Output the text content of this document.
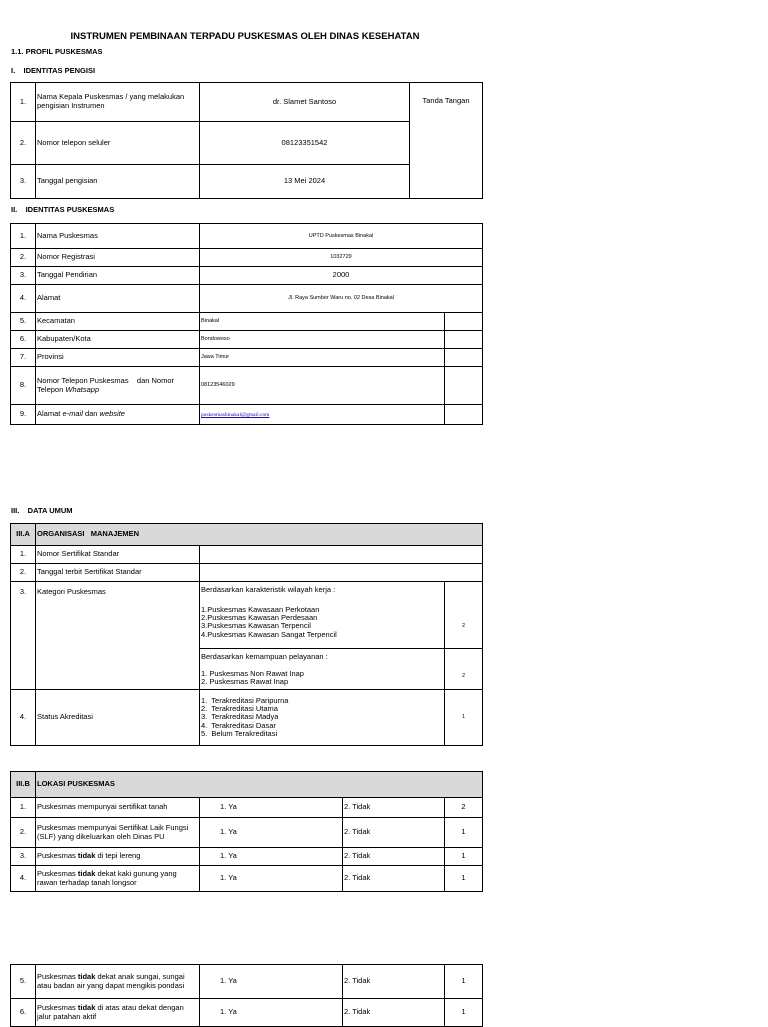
INSTRUMEN PEMBINAAN TERPADU PUSKESMAS OLEH DINAS KESEHATAN
1.1. PROFIL PUSKESMAS
I.    IDENTITAS PENGISI
1.	Nama Kepala Puskesmas / yang melakukan pengisian Instrumen	dr. Slamet Santoso	Tanda Tangan
2.	Nomor telepon seluler	08123351542	
3.	Tanggal pengisian	13 Mei 2024	
II.    IDENTITAS PUSKESMAS
1.	Nama Puskesmas	UPTD Puskesmas Binakal	
2.	Nomor Registrasi	1032729	
3.	Tanggal Pendirian	2000	
4.	Alamat	Jl. Raya Sumber Waru no. 02 Desa Binakal	
5.	Kecamatan	Binakal	
6.	Kabupaten/Kota	Bondowoso	
7.	Provinsi	Jawa Timur	
8.	Nomor Telepon Puskesmas    dan Nomor Telepon Whatsapp	08123546029	
9.	Alamat e-mail dan website	puskesmasbinakal@gmail.com	
III.    DATA UMUM
III.A	ORGANISASI   MANAJEMEN		
1.	Nomor Sertifikat Standar		
2.	Tanggal terbit Sertifikat Standar		
3.	Kategori Puskesmas	Berdasarkan karakteristik wilayah kerja :
1.Puskesmas Kawasaan Perkotaan
2.Puskesmas Kawasan Perdesaan
3.Puskesmas Kawasan Terpencil
4.Puskesmas Kawasan Sangat Terpencil	2

		Berdasarkan kemampuan pelayanan :
1. Puskesmas Non Rawat Inap
2. Puskesmas Rawat Inap	2
4.	Status Akreditasi	1.  Terakreditasi Paripurna
2.  Terakreditasi Utama
3.  Terakreditasi Madya
4.  Terakreditasi Dasar
5.  Belum Terakreditasi	1
III.B	LOKASI PUSKESMAS			
1.	Puskesmas mempunyai sertifikat tanah	1. Ya	2. Tidak	2
2.	Puskesmas mempunyai Sertifikat Laik Fungsi (SLF) yang dikeluarkan oleh Dinas PU	1. Ya	2. Tidak	1
3.	Puskesmas tidak di tepi lereng	1. Ya	2. Tidak	1
4.	Puskesmas tidak dekat kaki gunung yang rawan terhadap tanah longsor	1. Ya	2. Tidak	1
5.	Puskesmas tidak dekat anak sungai, sungai atau badan air yang dapat mengikis pondasi	1. Ya	2. Tidak	1
6.	Puskesmas tidak di atas atau dekat dengan jalur patahan aktif	1. Ya	2. Tidak	1
